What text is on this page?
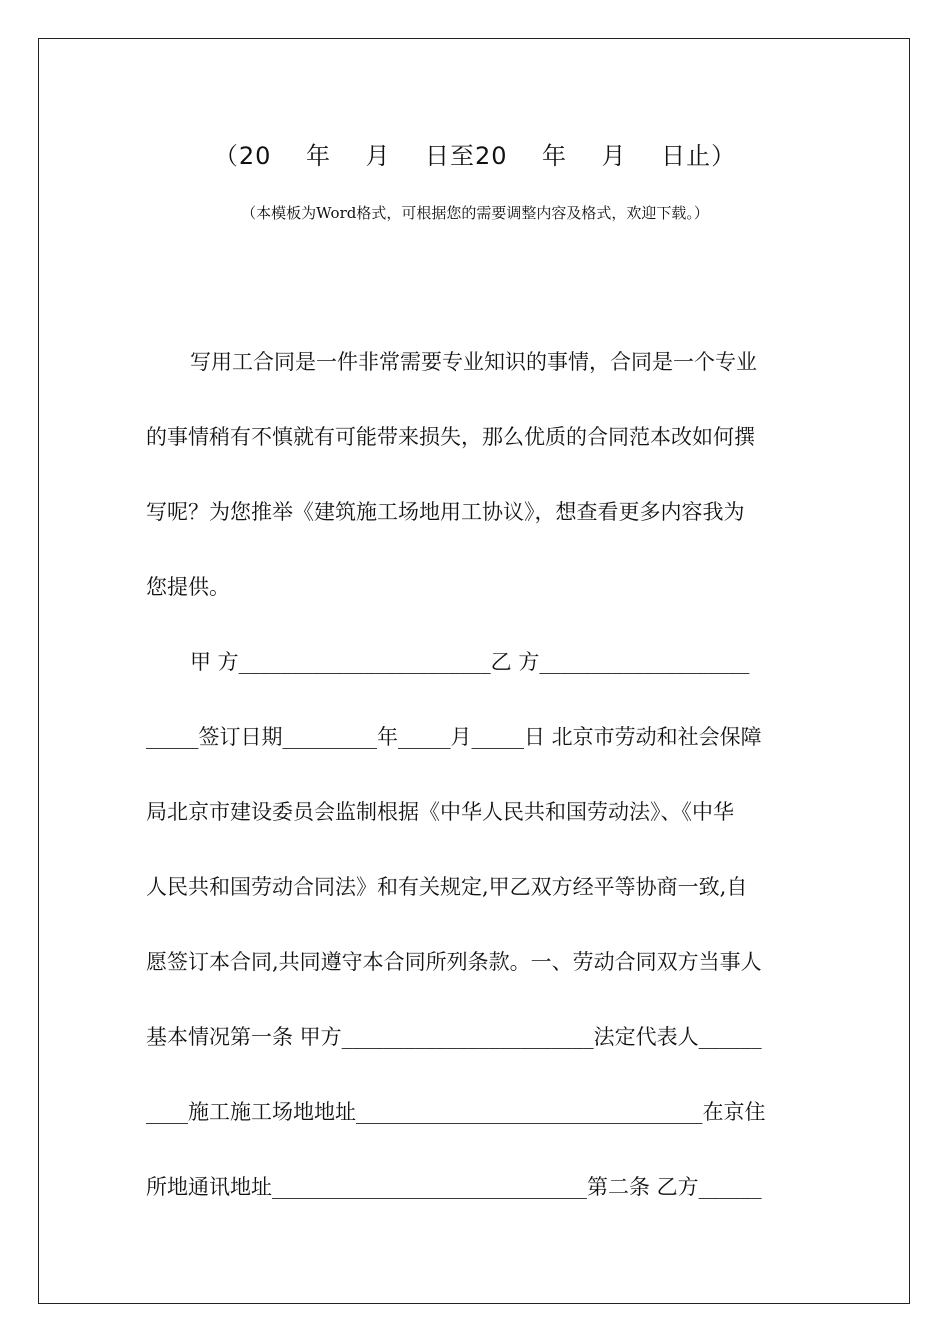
（20    年    月    日至20    年    月    日止）
（本模板为Word格式，可根据您的需要调整内容及格式，欢迎下载。）
写用工合同是一件非常需要专业知识的事情，合同是一个专业
的事情稍有不慎就有可能带来损失，那么优质的合同范本改如何撰
写呢？为您推举《建筑施工场地用工协议》，想查看更多内容我为
您提供。
甲 方________________________乙 方____________________
_____签订日期_________年_____月_____日 北京市劳动和社会保障
局北京市建设委员会监制根据《中华人民共和国劳动法》、《中华
人民共和国劳动合同法》和有关规定,甲乙双方经平等协商一致,自
愿签订本合同,共同遵守本合同所列条款。一、劳动合同双方当事人
基本情况第一条 甲方________________________法定代表人______
____施工施工场地地址_________________________________在京住
所地通讯地址______________________________第二条 乙方______
